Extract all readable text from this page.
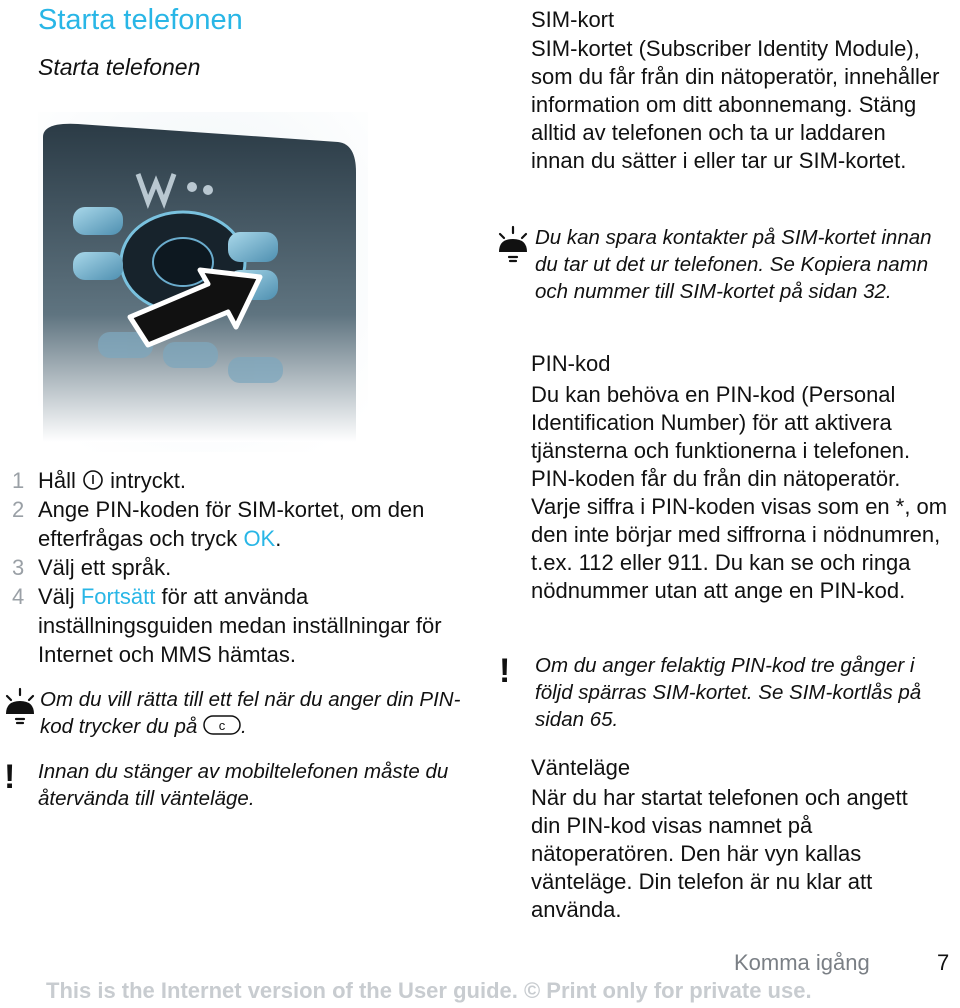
Starta telefonen
Starta telefonen
1 Håll intryckt.
2 Ange PIN-koden för SIM-kortet, om den efterfrågas och tryck OK.
3 Välj ett språk.
4 Välj Fortsätt för att använda inställningsguiden medan inställningar för Internet och MMS hämtas.
Om du vill rätta till ett fel när du anger din PIN-kod trycker du på c .
! Innan du stänger av mobiltelefonen måste du återvända till vänteläge.
SIM-kort
SIM-kortet (Subscriber Identity Module), som du får från din nätoperatör, innehåller information om ditt abonnemang. Stäng alltid av telefonen och ta ur laddaren innan du sätter i eller tar ur SIM-kortet.
Du kan spara kontakter på SIM-kortet innan du tar ut det ur telefonen. Se Kopiera namn och nummer till SIM-kortet på sidan 32.
PIN-kod
Du kan behöva en PIN-kod (Personal Identification Number) för att aktivera tjänsterna och funktionerna i telefonen. PIN-koden får du från din nätoperatör. Varje siffra i PIN-koden visas som en *, om den inte börjar med siffrorna i nödnumren, t.ex. 112 eller 911. Du kan se och ringa nödnummer utan att ange en PIN-kod.
! Om du anger felaktig PIN-kod tre gånger i följd spärras SIM-kortet. Se SIM-kortlås på sidan 65.
Vänteläge
När du har startat telefonen och angett din PIN-kod visas namnet på nätoperatören. Den här vyn kallas vänteläge. Din telefon är nu klar att använda.
Komma igång	7
This is the Internet version of the User guide. © Print only for private use.
